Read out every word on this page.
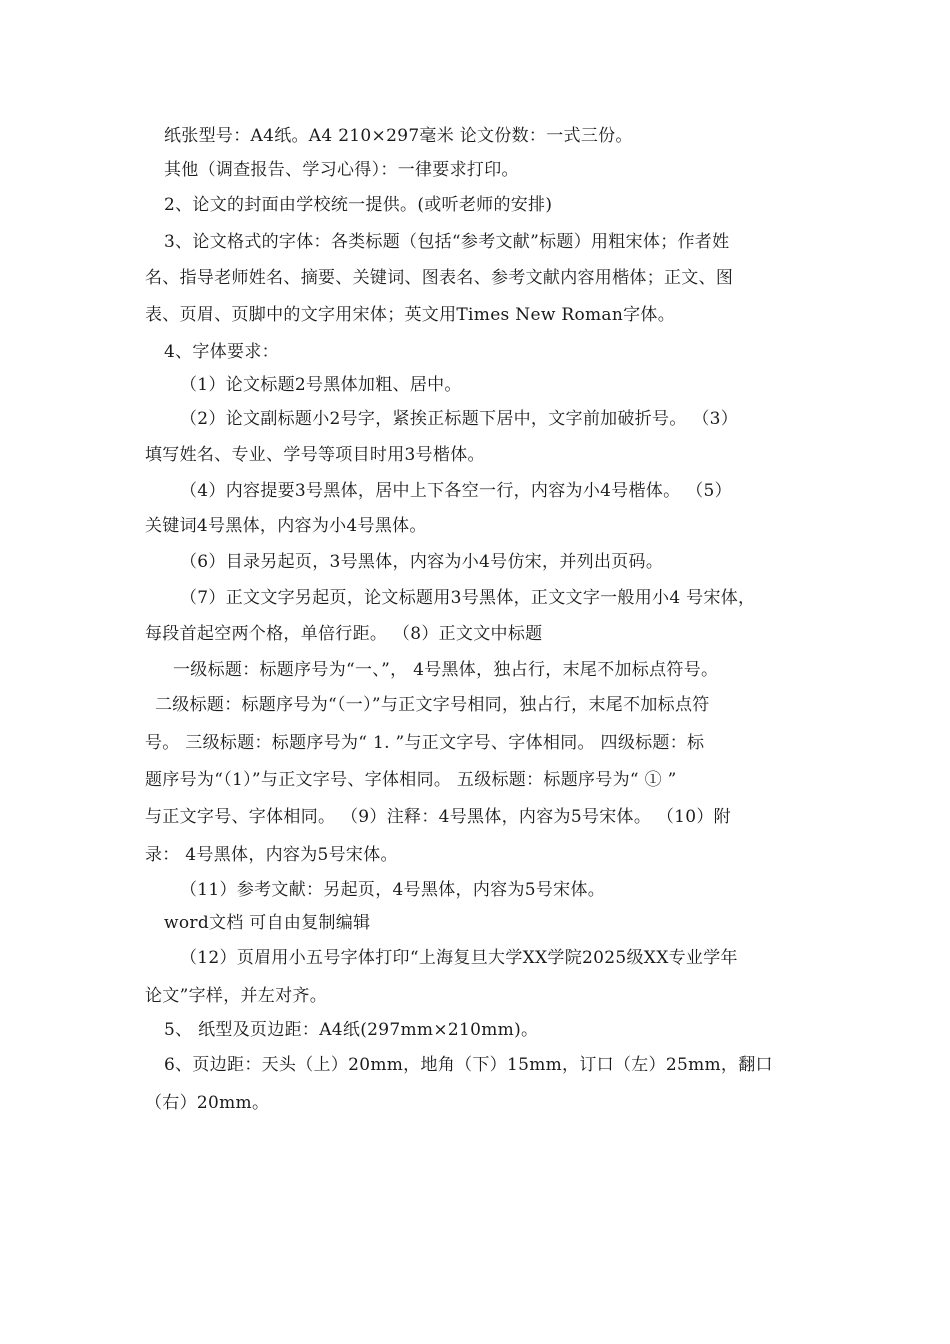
纸张型号：A4纸。A4 210×297毫米 论文份数：一式三份。
其他（调查报告、学习心得）：一律要求打印。
2、论文的封面由学校统一提供。(或听老师的安排)
3、论文格式的字体：各类标题（包括“参考文献”标题）用粗宋体；作者姓
名、指导老师姓名、摘要、关键词、图表名、参考文献内容用楷体；正文、图
表、页眉、页脚中的文字用宋体；英文用Times New Roman字体。
4、字体要求：
（1）论文标题2号黑体加粗、居中。
（2）论文副标题小2号字，紧挨正标题下居中，文字前加破折号。 （3）
填写姓名、专业、学号等项目时用3号楷体。
（4）内容提要3号黑体，居中上下各空一行，内容为小4号楷体。 （5）
关键词4号黑体，内容为小4号黑体。
（6）目录另起页，3号黑体，内容为小4号仿宋，并列出页码。
（7）正文文字另起页，论文标题用3号黑体，正文文字一般用小4 号宋体，
每段首起空两个格，单倍行距。 （8）正文文中标题
一级标题：标题序号为“一、”， 4号黑体，独占行，末尾不加标点符号。
二级标题：标题序号为“（一）”与正文字号相同，独占行，末尾不加标点符
号。 三级标题：标题序号为“ 1. ”与正文字号、字体相同。 四级标题：标
题序号为“（1）”与正文字号、字体相同。 五级标题：标题序号为“ ① ”
与正文字号、字体相同。 （9）注释：4号黑体，内容为5号宋体。 （10）附
录： 4号黑体，内容为5号宋体。
（11）参考文献：另起页，4号黑体，内容为5号宋体。
word文档 可自由复制编辑
（12）页眉用小五号字体打印“上海复旦大学XX学院2025级XX专业学年
论文”字样，并左对齐。
5、 纸型及页边距：A4纸(297mm×210mm)。
6、页边距：天头（上）20mm，地角（下）15mm，订口（左）25mm，翻口
（右）20mm。
